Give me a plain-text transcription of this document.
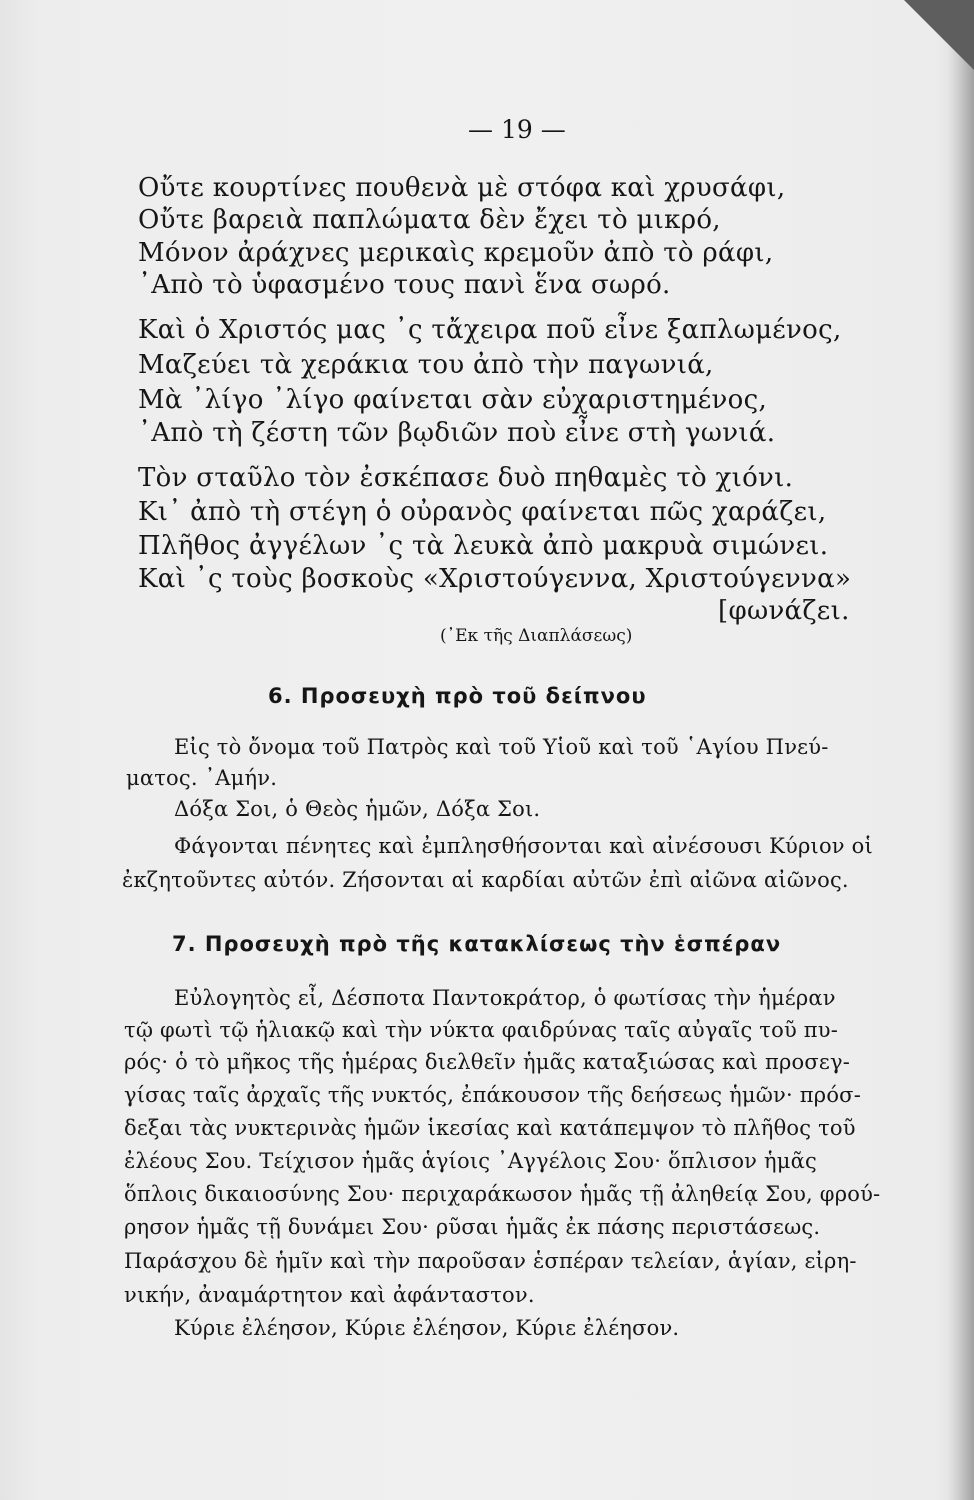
— 19 —
Οὔτε κουρτίνες πουθενὰ μὲ στόφα καὶ χρυσάφι,
Οὔτε βαρειὰ παπλώματα δὲν ἔχει τὸ μικρό,
Μόνον ἀράχνες μερικαὶς κρεμοῦν ἀπὸ τὸ ράφι,
᾿Απὸ τὸ ὑφασμένο τους πανὶ ἕνα σωρό.
Καὶ ὁ Χριστός μας ᾽ς τἄχειρα ποῦ εἶνε ξαπλωμένος,
Μαζεύει τὰ χεράκια του ἀπὸ τὴν παγωνιά,
Μὰ ᾽λίγο ᾽λίγο φαίνεται σὰν εὐχαριστημένος,
᾿Απὸ τὴ ζέστη τῶν βῳδιῶν ποὺ εἶνε στὴ γωνιά.
Τὸν σταῦλο τὸν ἐσκέπασε δυὸ πηθαμὲς τὸ χιόνι.
Κι᾽ ἀπὸ τὴ στέγη ὁ οὐρανὸς φαίνεται πῶς χαράζει,
Πλῆθος ἀγγέλων ᾽ς τὰ λευκὰ ἀπὸ μακρυὰ σιμώνει.
Καὶ ᾽ς τοὺς βοσκοὺς «Χριστούγεννα, Χριστούγεννα»
[φωνάζει.
(᾿Εκ τῆς Διαπλάσεως)
6. Προσευχὴ πρὸ τοῦ δείπνου
Εἰς τὸ ὄνομα τοῦ Πατρὸς καὶ τοῦ Υἱοῦ καὶ τοῦ ῾Αγίου Πνεύ-
ματος. ᾿Αμήν.
Δόξα Σοι, ὁ Θεὸς ἡμῶν, Δόξα Σοι.
Φάγονται πένητες καὶ ἐμπλησθήσονται καὶ αἰνέσουσι Κύριον οἱ
ἐκζητοῦντες αὐτόν. Ζήσονται αἱ καρδίαι αὐτῶν ἐπὶ αἰῶνα αἰῶνος.
7. Προσευχὴ πρὸ τῆς κατακλίσεως τὴν ἑσπέραν
Εὐλογητὸς εἶ, Δέσποτα Παντοκράτορ, ὁ φωτίσας τὴν ἡμέραν
τῷ φωτὶ τῷ ἡλιακῷ καὶ τὴν νύκτα φαιδρύνας ταῖς αὐγαῖς τοῦ πυ-
ρός· ὁ τὸ μῆκος τῆς ἡμέρας διελθεῖν ἡμᾶς καταξιώσας καὶ προσεγ-
γίσας ταῖς ἀρχαῖς τῆς νυκτός, ἐπάκουσον τῆς δεήσεως ἡμῶν· πρόσ-
δεξαι τὰς νυκτερινὰς ἡμῶν ἱκεσίας καὶ κατάπεμψον τὸ πλῆθος τοῦ
ἐλέους Σου. Τείχισον ἡμᾶς ἁγίοις ᾿Αγγέλοις Σου· ὅπλισον ἡμᾶς
ὅπλοις δικαιοσύνης Σου· περιχαράκωσον ἡμᾶς τῇ ἀληθείᾳ Σου, φρού-
ρησον ἡμᾶς τῇ δυνάμει Σου· ρῦσαι ἡμᾶς ἐκ πάσης περιστάσεως.
Παράσχου δὲ ἡμῖν καὶ τὴν παροῦσαν ἑσπέραν τελείαν, ἁγίαν, εἰρη-
νικήν, ἀναμάρτητον καὶ ἀφάνταστον.
Κύριε ἐλέησον, Κύριε ἐλέησον, Κύριε ἐλέησον.
